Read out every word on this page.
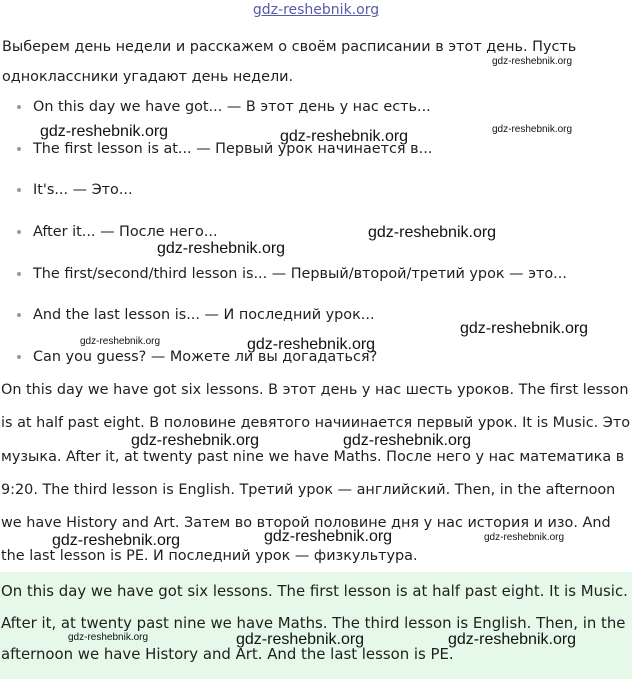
gdz-reshebnik.org

Выберем день недели и расскажем о своём расписании в этот день. Пусть одноклассники угадают день недели.

On this day we have got... — В этот день у нас есть...
The first lesson is at... — Первый урок начинается в...
It's... — Это...
After it... — После него...
The first/second/third lesson is... — Первый/второй/третий урок — это...
And the last lesson is... — И последний урок...
Can you guess? — Можете ли вы догадаться?

On this day we have got six lessons. В этот день у нас шесть уроков. The first lesson is at half past eight. В половине девятого начиинается первый урок. It is Music. Это музыка. After it, at twenty past nine we have Maths. После него у нас математика в 9:20. The third lesson is English. Третий урок — английский. Then, in the afternoon we have History and Art. Затем во второй половине дня у нас история и изо. And the last lesson is PE. И последний урок — физкультура.

On this day we have got six lessons. The first lesson is at half past eight. It is Music. After it, at twenty past nine we have Maths. The third lesson is English. Then, in the afternoon we have History and Art. And the last lesson is PE.

gdz-reshebnik.org
gdz-reshebnik.org	gdz-reshebnik.org	gdz-reshebnik.org
gdz-reshebnik.org
gdz-reshebnik.org
gdz-reshebnik.org
gdz-reshebnik.org	gdz-reshebnik.org
gdz-reshebnik.org	gdz-reshebnik.org
gdz-reshebnik.org	gdz-reshebnik.org	gdz-reshebnik.org
gdz-reshebnik.org	gdz-reshebnik.org	gdz-reshebnik.org
